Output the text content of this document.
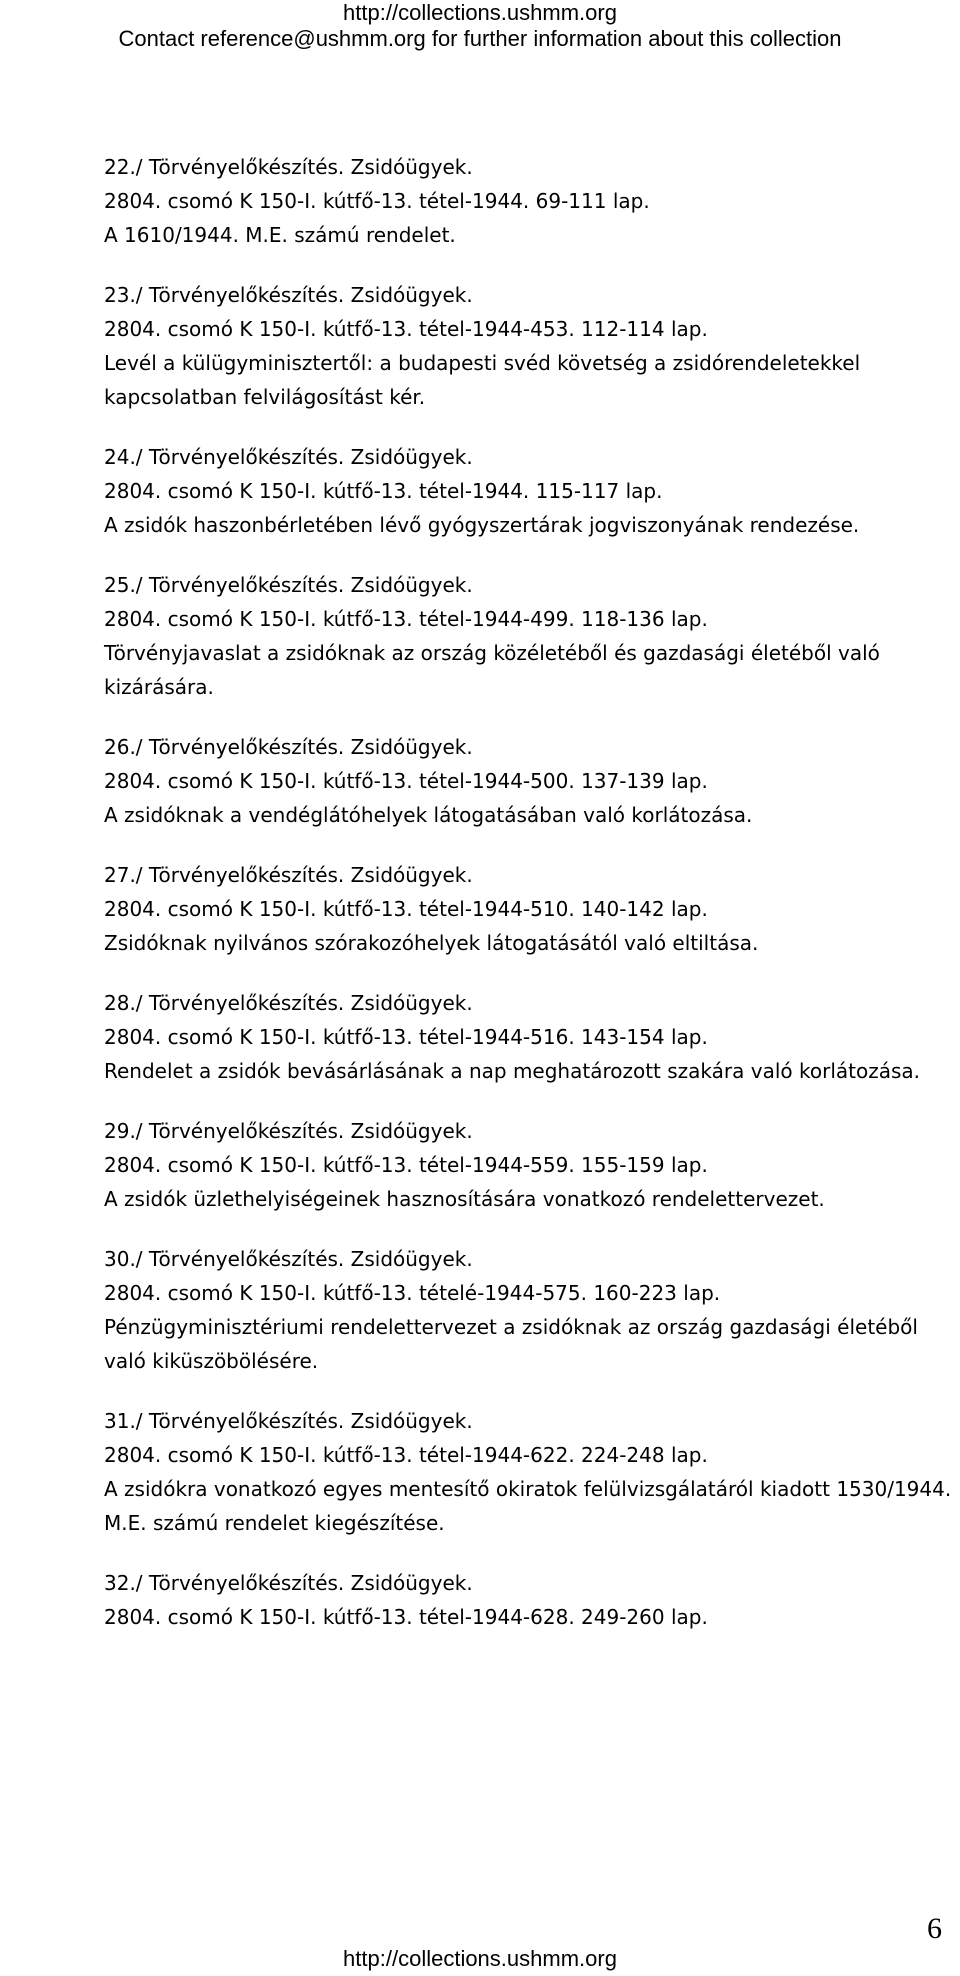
http://collections.ushmm.org
Contact reference@ushmm.org for further information about this collection
22./ Törvényelőkészítés. Zsidóügyek.
2804. csomó K 150-I. kútfő-13. tétel-1944. 69-111 lap.
A 1610/1944. M.E. számú rendelet.
23./ Törvényelőkészítés. Zsidóügyek.
2804. csomó K 150-I. kútfő-13. tétel-1944-453. 112-114 lap.
Levél a külügyminisztertől: a budapesti svéd követség a zsidórendeletekkel kapcsolatban felvilágosítást kér.
24./ Törvényelőkészítés. Zsidóügyek.
2804. csomó K 150-I. kútfő-13. tétel-1944. 115-117 lap.
A zsidók haszonbérletében lévő gyógyszertárak jogviszonyának rendezése.
25./ Törvényelőkészítés. Zsidóügyek.
2804. csomó K 150-I. kútfő-13. tétel-1944-499. 118-136 lap.
Törvényjavaslat a zsidóknak az ország közéletéből és gazdasági életéből való kizárására.
26./ Törvényelőkészítés. Zsidóügyek.
2804. csomó K 150-I. kútfő-13. tétel-1944-500. 137-139 lap.
A zsidóknak a vendéglátóhelyek látogatásában való korlátozása.
27./ Törvényelőkészítés. Zsidóügyek.
2804. csomó K 150-I. kútfő-13. tétel-1944-510. 140-142 lap.
Zsidóknak nyilvános szórakozóhelyek látogatásától való eltiltása.
28./ Törvényelőkészítés. Zsidóügyek.
2804. csomó K 150-I. kútfő-13. tétel-1944-516. 143-154 lap.
Rendelet a zsidók bevásárlásának a nap meghatározott szakára való korlátozása.
29./ Törvényelőkészítés. Zsidóügyek.
2804. csomó K 150-I. kútfő-13. tétel-1944-559. 155-159 lap.
A zsidók üzlethelyiségeinek hasznosítására vonatkozó rendelettervezet.
30./ Törvényelőkészítés. Zsidóügyek.
2804. csomó K 150-I. kútfő-13. tételé-1944-575. 160-223 lap.
Pénzügyminisztériumi rendelettervezet a zsidóknak az ország gazdasági életéből való kiküszöbölésére.
31./ Törvényelőkészítés. Zsidóügyek.
2804. csomó K 150-I. kútfő-13. tétel-1944-622. 224-248 lap.
A zsidókra vonatkozó egyes mentesítő okiratok felülvizsgálatáról kiadott 1530/1944. M.E. számú rendelet kiegészítése.
32./ Törvényelőkészítés. Zsidóügyek.
2804. csomó K 150-I. kútfő-13. tétel-1944-628. 249-260 lap.
6
http://collections.ushmm.org
